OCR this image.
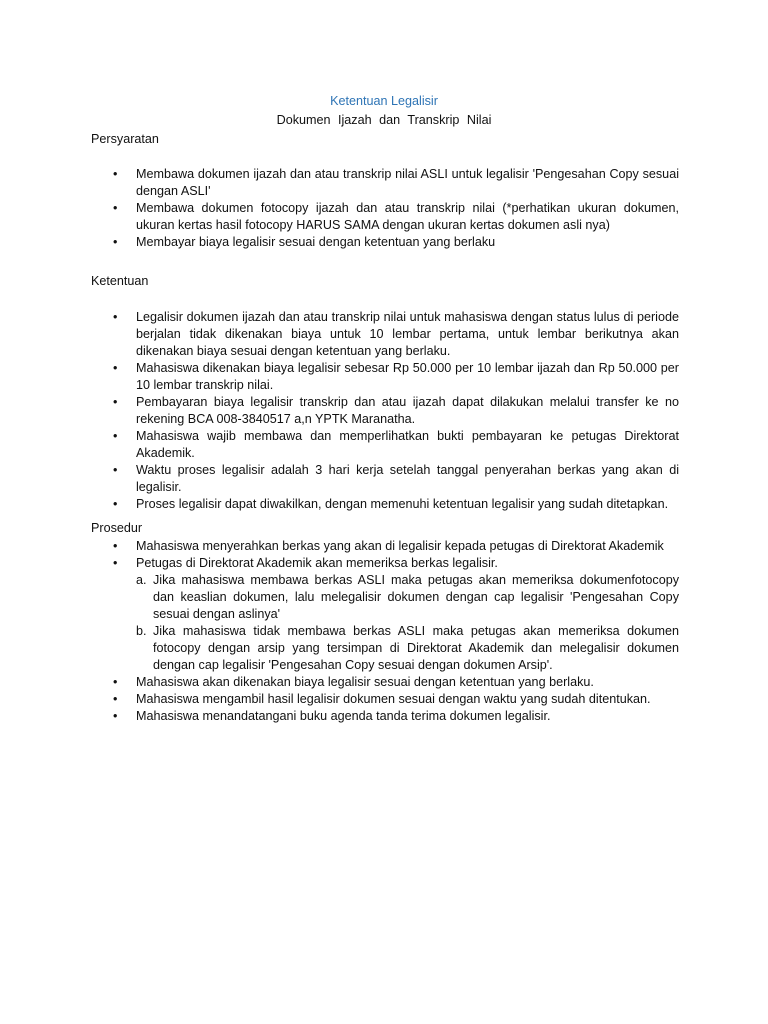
Ketentuan Legalisir
Dokumen Ijazah dan Transkrip Nilai
Persyaratan
• Membawa dokumen ijazah dan atau transkrip nilai ASLI untuk legalisir 'Pengesahan Copy sesuai dengan ASLI'
• Membawa dokumen fotocopy ijazah dan atau transkrip nilai (*perhatikan ukuran dokumen, ukuran kertas hasil fotocopy HARUS SAMA dengan ukuran kertas dokumen asli nya)
• Membayar biaya legalisir sesuai dengan ketentuan yang berlaku
Ketentuan
• Legalisir dokumen ijazah dan atau transkrip nilai untuk mahasiswa dengan status lulus di periode berjalan tidak dikenakan biaya untuk 10 lembar pertama, untuk lembar berikutnya akan dikenakan biaya sesuai dengan ketentuan yang berlaku.
• Mahasiswa dikenakan biaya legalisir sebesar Rp 50.000 per 10 lembar ijazah dan Rp 50.000 per 10 lembar transkrip nilai.
• Pembayaran biaya legalisir transkrip dan atau ijazah dapat dilakukan melalui transfer ke no rekening BCA 008-3840517 a,n YPTK Maranatha.
• Mahasiswa wajib membawa dan memperlihatkan bukti pembayaran ke petugas Direktorat Akademik.
• Waktu proses legalisir adalah 3 hari kerja setelah tanggal penyerahan berkas yang akan di legalisir.
• Proses legalisir dapat diwakilkan, dengan memenuhi ketentuan legalisir yang sudah ditetapkan.
Prosedur
• Mahasiswa menyerahkan berkas yang akan di legalisir kepada petugas di Direktorat Akademik
• Petugas di Direktorat Akademik akan memeriksa berkas legalisir.
a. Jika mahasiswa membawa berkas ASLI maka petugas akan memeriksa dokumenfotocopy dan keaslian dokumen, lalu melegalisir dokumen dengan cap legalisir 'Pengesahan Copy sesuai dengan aslinya'
b. Jika mahasiswa tidak membawa berkas ASLI maka petugas akan memeriksa dokumen fotocopy dengan arsip yang tersimpan di Direktorat Akademik dan melegalisir dokumen dengan cap legalisir 'Pengesahan Copy sesuai dengan dokumen Arsip'.
• Mahasiswa akan dikenakan biaya legalisir sesuai dengan ketentuan yang berlaku.
• Mahasiswa mengambil hasil legalisir dokumen sesuai dengan waktu yang sudah ditentukan.
• Mahasiswa menandatangani buku agenda tanda terima dokumen legalisir.
